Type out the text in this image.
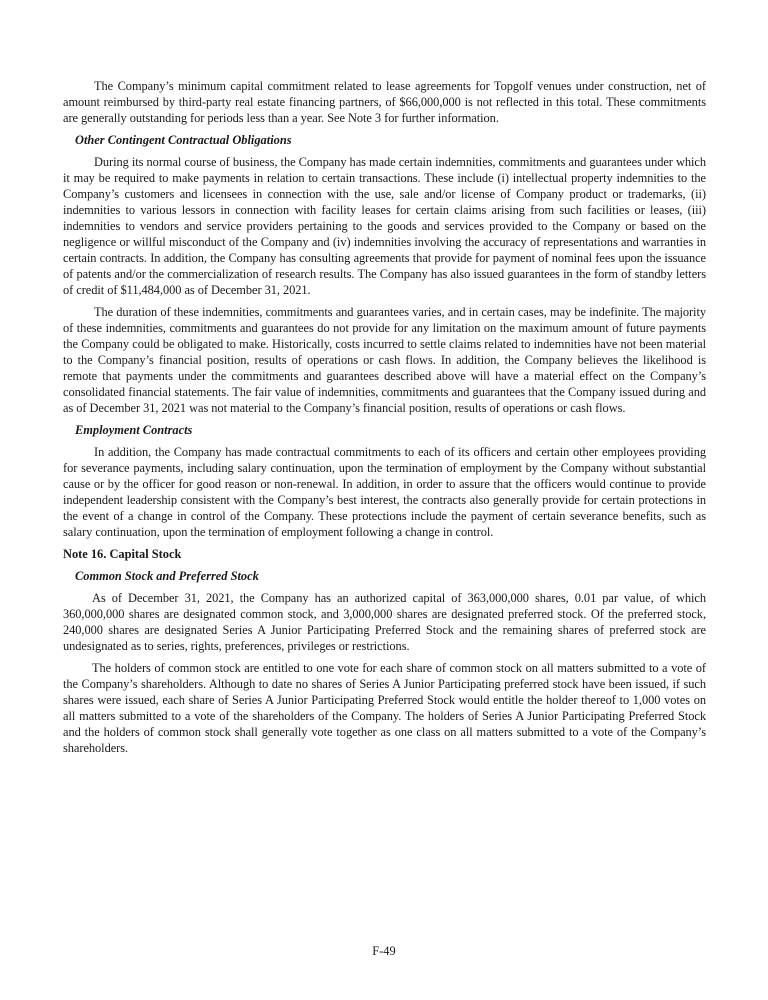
The Company’s minimum capital commitment related to lease agreements for Topgolf venues under construction, net of amount reimbursed by third-party real estate financing partners, of $66,000,000 is not reflected in this total. These commitments are generally outstanding for periods less than a year. See Note 3 for further information.

Other Contingent Contractual Obligations

During its normal course of business, the Company has made certain indemnities, commitments and guarantees under which it may be required to make payments in relation to certain transactions. These include (i) intellectual property indemnities to the Company’s customers and licensees in connection with the use, sale and/or license of Company product or trademarks, (ii) indemnities to various lessors in connection with facility leases for certain claims arising from such facilities or leases, (iii) indemnities to vendors and service providers pertaining to the goods and services provided to the Company or based on the negligence or willful misconduct of the Company and (iv) indemnities involving the accuracy of representations and warranties in certain contracts. In addition, the Company has consulting agreements that provide for payment of nominal fees upon the issuance of patents and/or the commercialization of research results. The Company has also issued guarantees in the form of standby letters of credit of $11,484,000 as of December 31, 2021.

The duration of these indemnities, commitments and guarantees varies, and in certain cases, may be indefinite. The majority of these indemnities, commitments and guarantees do not provide for any limitation on the maximum amount of future payments the Company could be obligated to make. Historically, costs incurred to settle claims related to indemnities have not been material to the Company’s financial position, results of operations or cash flows. In addition, the Company believes the likelihood is remote that payments under the commitments and guarantees described above will have a material effect on the Company’s consolidated financial statements. The fair value of indemnities, commitments and guarantees that the Company issued during and as of December 31, 2021 was not material to the Company’s financial position, results of operations or cash flows.

Employment Contracts

In addition, the Company has made contractual commitments to each of its officers and certain other employees providing for severance payments, including salary continuation, upon the termination of employment by the Company without substantial cause or by the officer for good reason or non-renewal. In addition, in order to assure that the officers would continue to provide independent leadership consistent with the Company’s best interest, the contracts also generally provide for certain protections in the event of a change in control of the Company. These protections include the payment of certain severance benefits, such as salary continuation, upon the termination of employment following a change in control.

Note 16. Capital Stock
Common Stock and Preferred Stock

As of December 31, 2021, the Company has an authorized capital of 363,000,000 shares, 0.01 par value, of which 360,000,000 shares are designated common stock, and 3,000,000 shares are designated preferred stock. Of the preferred stock, 240,000 shares are designated Series A Junior Participating Preferred Stock and the remaining shares of preferred stock are undesignated as to series, rights, preferences, privileges or restrictions.

The holders of common stock are entitled to one vote for each share of common stock on all matters submitted to a vote of the Company’s shareholders. Although to date no shares of Series A Junior Participating preferred stock have been issued, if such shares were issued, each share of Series A Junior Participating Preferred Stock would entitle the holder thereof to 1,000 votes on all matters submitted to a vote of the shareholders of the Company. The holders of Series A Junior Participating Preferred Stock and the holders of common stock shall generally vote together as one class on all matters submitted to a vote of the Company’s shareholders.

F-49
